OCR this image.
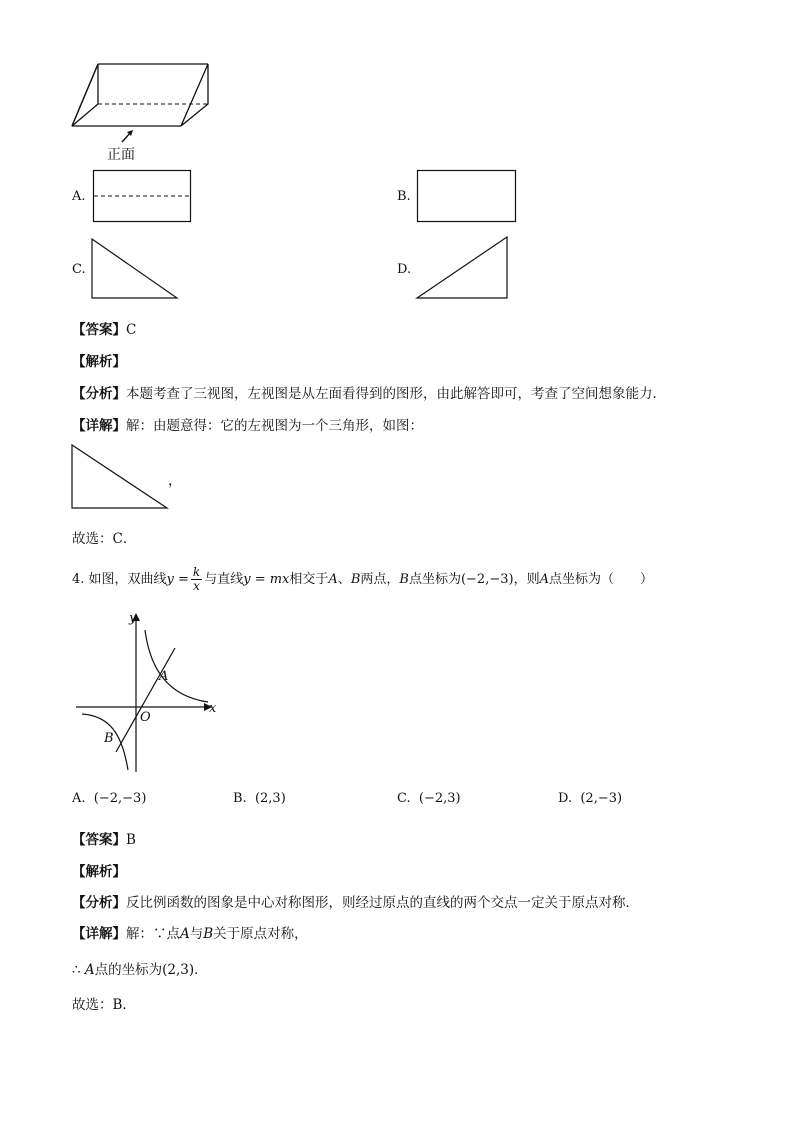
正面
A.	B.
C.	D.
【答案】C
【解析】
【分析】本题考查了三视图，左视图是从左面看得到的图形，由此解答即可，考查了空间想象能力．
【详解】解：由题意得：它的左视图为一个三角形，如图：
，
故选：C．
4. 如图，双曲线$y = \frac{k}{x}$ 与直线y = mx相交于A、B两点，B点坐标为(−2,−3)，则A点坐标为（　　）
y
x
O
A
B
A. (−2,−3)	B. (2,3)	C. (−2,3)	D. (2,−3)
【答案】B
【解析】
【分析】反比例函数的图象是中心对称图形，则经过原点的直线的两个交点一定关于原点对称．
【详解】解：∵点A与B关于原点对称，
∴ A点的坐标为(2,3)．
故选：B．
